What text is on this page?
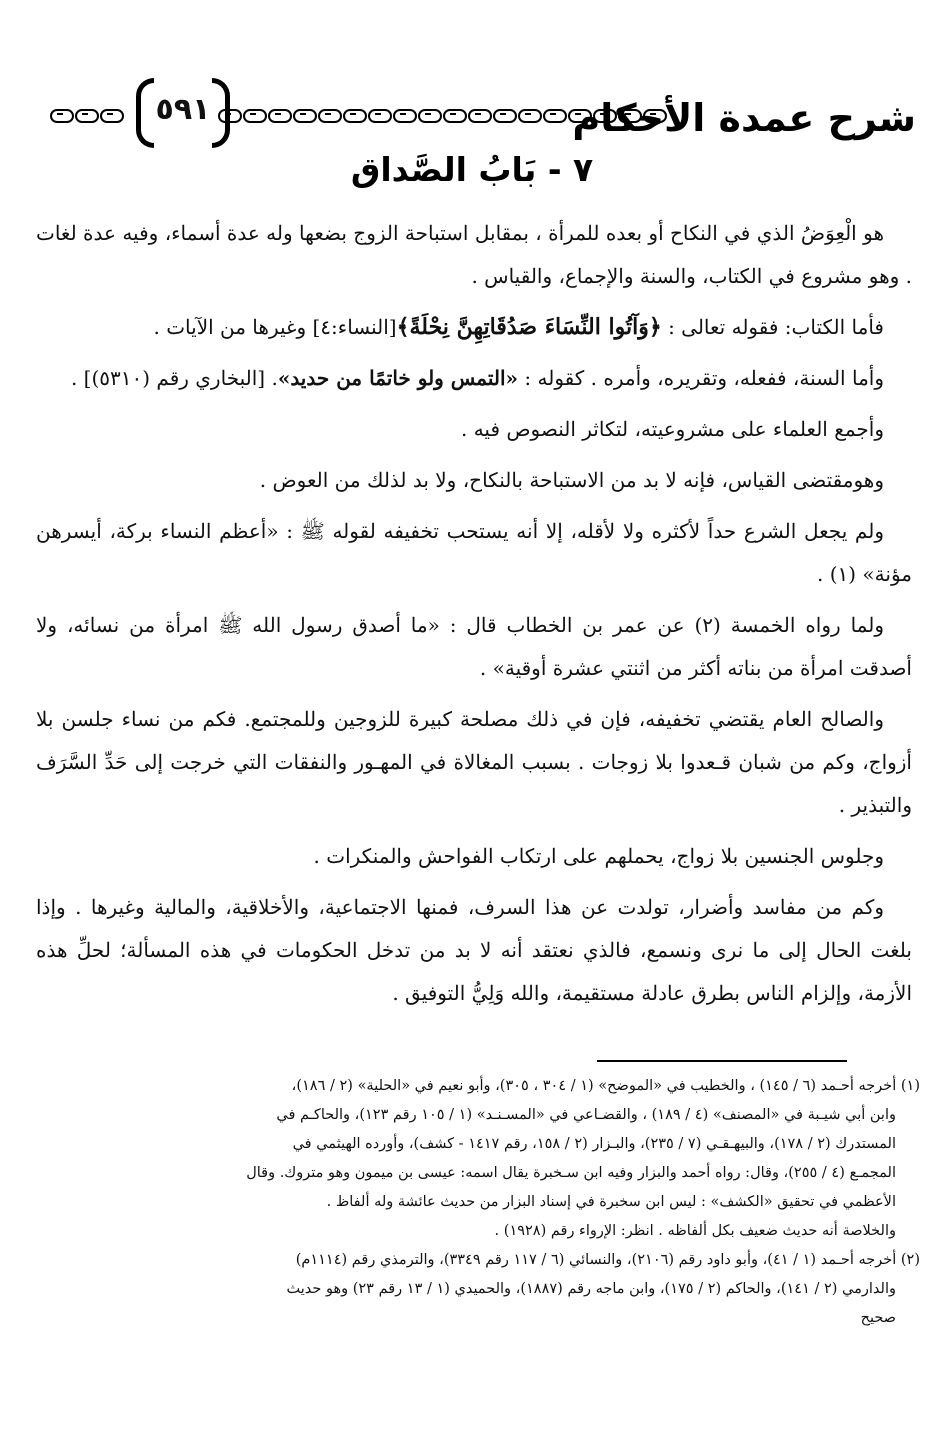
٥٩١	شرح عمدة الأحكام
٧ - بَابُ الصَّداق

هو الْعِوَضُ الذي في النكاح أو بعده للمرأة ، بمقابل استباحة الزوج بضعها وله عدة أسماء، وفيه عدة لغات . وهو مشروع في الكتاب، والسنة والإجماع، والقياس .

فأما الكتاب: فقوله تعالى : ﴿وَآتُوا النِّسَاءَ صَدُقَاتِهِنَّ نِحْلَةً﴾[النساء:٤] وغيرها من الآيات .

وأما السنة، ففعله، وتقريره، وأمره . كقوله : «التمس ولو خاتمًا من حديد». [البخاري رقم (٥٣١٠)] .

وأجمع العلماء على مشروعيته، لتكاثر النصوص فيه .

وهومقتضى القياس، فإنه لا بد من الاستباحة بالنكاح، ولا بد لذلك من العوض .

ولم يجعل الشرع حداً لأكثره ولا لأقله، إلا أنه يستحب تخفيفه لقوله ﷺ : «أعظم النساء بركة، أيسرهن مؤنة» (١) .

ولما رواه الخمسة (٢) عن عمر بن الخطاب قال : «ما أصدق رسول الله ﷺ امرأة من نسائه، ولا أصدقت امرأة من بناته أكثر من اثنتي عشرة أوقية» .

والصالح العام يقتضي تخفيفه، فإن في ذلك مصلحة كبيرة للزوجين وللمجتمع. فكم من نساء جلسن بلا أزواج، وكم من شبان قـعدوا بلا زوجات . بسبب المغالاة في المهـور والنفقات التي خرجت إلى حَدِّ السَّرَف والتبذير .

وجلوس الجنسين بلا زواج، يحملهم على ارتكاب الفواحش والمنكرات .

وكم من مفاسد وأضرار، تولدت عن هذا السرف، فمنها الاجتماعية، والأخلاقية، والمالية وغيرها . وإذا بلغت الحال إلى ما نرى ونسمع، فالذي نعتقد أنه لا بد من تدخل الحكومات في هذه المسألة؛ لحلِّ هذه الأزمة، وإلزام الناس بطرق عادلة مستقيمة، والله وَلِيُّ التوفيق .

(١) أخرجه أحـمد (٦ / ١٤٥) ، والخطيب في «الموضح» (١ / ٣٠٤ ، ٣٠٥)، وأبو نعيم في «الحلية» (٢ / ١٨٦)،

وابن أبي شيـبة في «المصنف» (٤ / ١٨٩) ، والقضـاعي في «المسـنـد» (١ / ١٠٥ رقم ١٢٣)، والحاكـم في

المستدرك (٢ / ١٧٨)، والبيهـقـي (٧ / ٢٣٥)، والبـزار (٢ / ١٥٨، رقم ١٤١٧ - كشف)، وأورده الهيثمي في

المجمـع (٤ / ٢٥٥)، وقال: رواه أحمد والبزار وفيه ابن سـخبرة يقال اسمه: عيسى بن ميمون وهو متروك. وقال

الأعظمي في تحقيق «الكشف» : ليس ابن سخبرة في إسناد البزار من حديث عائشة وله ألفاظ .

والخلاصة أنه حديث ضعيف بكل ألفاظه . انظر: الإرواء رقم (١٩٢٨) .

(٢) أخرجه أحـمد (١ / ٤١)، وأبو داود رقم (٢١٠٦)، والنسائي (٦ / ١١٧ رقم ٣٣٤٩)، والترمذي رقم (١١١٤م)

والدارمي (٢ / ١٤١)، والحاكم (٢ / ١٧٥)، وابن ماجه رقم (١٨٨٧)، والحميدي (١ / ١٣ رقم ٢٣) وهو حديث

صحيح
